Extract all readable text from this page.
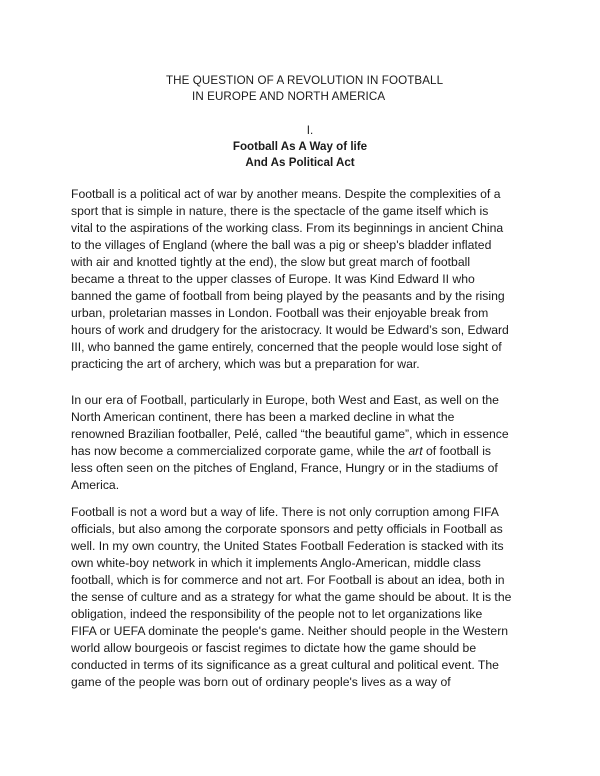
THE QUESTION OF A REVOLUTION IN FOOTBALL
IN EUROPE AND NORTH AMERICA
I.
Football As A Way of life
And As Political Act
Football is a political act of war by another means. Despite the complexities of a
sport that is simple in nature, there is the spectacle of the game itself which is
vital to the aspirations of the working class. From its beginnings in ancient China
to the villages of England (where the ball was a pig or sheep's bladder inflated
with air and knotted tightly at the end), the slow but great march of football
became a threat to the upper classes of Europe. It was Kind Edward II who
banned the game of football from being played by the peasants and by the rising
urban, proletarian masses in London. Football was their enjoyable break from
hours of work and drudgery for the aristocracy. It would be Edward’s son, Edward
III, who banned the game entirely, concerned that the people would lose sight of
practicing the art of archery, which was but a preparation for war.
In our era of Football, particularly in Europe, both West and East, as well on the
North American continent, there has been a marked decline in what the
renowned Brazilian footballer, Pelé, called “the beautiful game”, which in essence
has now become a commercialized corporate game, while the art of football is
less often seen on the pitches of England, France, Hungry or in the stadiums of
America.
Football is not a word but a way of life. There is not only corruption among FIFA
officials, but also among the corporate sponsors and petty officials in Football as
well. In my own country, the United States Football Federation is stacked with its
own white-boy network in which it implements Anglo-American, middle class
football, which is for commerce and not art. For Football is about an idea, both in
the sense of culture and as a strategy for what the game should be about. It is the
obligation, indeed the responsibility of the people not to let organizations like
FIFA or UEFA dominate the people's game. Neither should people in the Western
world allow bourgeois or fascist regimes to dictate how the game should be
conducted in terms of its significance as a great cultural and political event. The
game of the people was born out of ordinary people's lives as a way of
